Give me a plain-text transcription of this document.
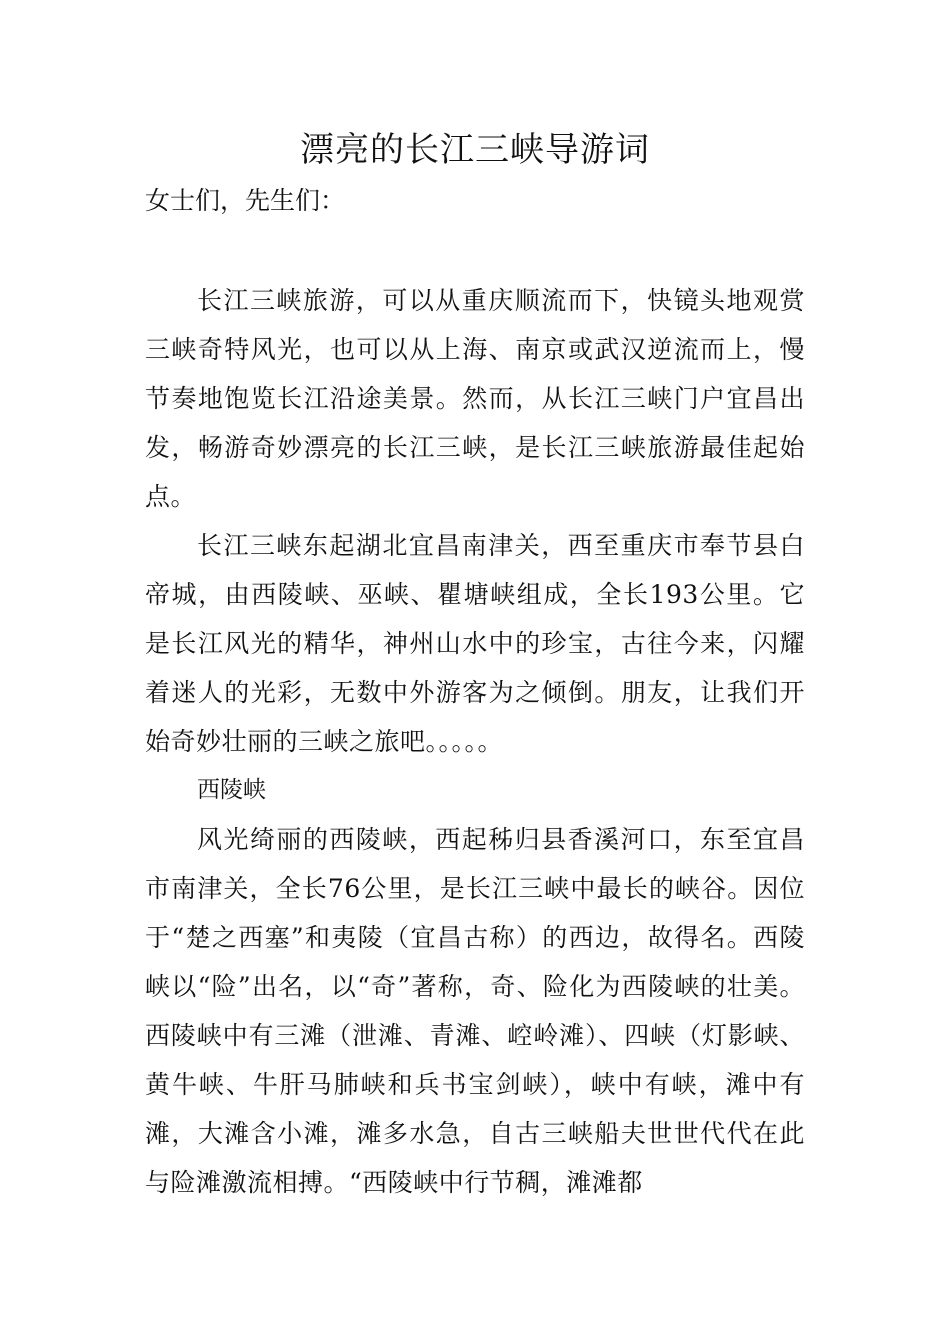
漂亮的长江三峡导游词

女士们，先生们：

长江三峡旅游，可以从重庆顺流而下，快镜头地观赏三峡奇特风光，也可以从上海、南京或武汉逆流而上，慢节奏地饱览长江沿途美景。然而，从长江三峡门户宜昌出发，畅游奇妙漂亮的长江三峡，是长江三峡旅游最佳起始点。

长江三峡东起湖北宜昌南津关，西至重庆市奉节县白帝城，由西陵峡、巫峡、瞿塘峡组成，全长193公里。它是长江风光的精华，神州山水中的珍宝，古往今来，闪耀着迷人的光彩，无数中外游客为之倾倒。朋友，让我们开始奇妙壮丽的三峡之旅吧。。。。。

西陵峡

风光绮丽的西陵峡，西起秭归县香溪河口，东至宜昌市南津关，全长76公里，是长江三峡中最长的峡谷。因位于“楚之西塞”和夷陵（宜昌古称）的西边，故得名。西陵峡以“险”出名，以“奇”著称，奇、险化为西陵峡的壮美。西陵峡中有三滩（泄滩、青滩、崆岭滩）、四峡（灯影峡、黄牛峡、牛肝马肺峡和兵书宝剑峡），峡中有峡，滩中有滩，大滩含小滩，滩多水急，自古三峡船夫世世代代在此与险滩激流相搏。“西陵峡中行节稠，滩滩都
